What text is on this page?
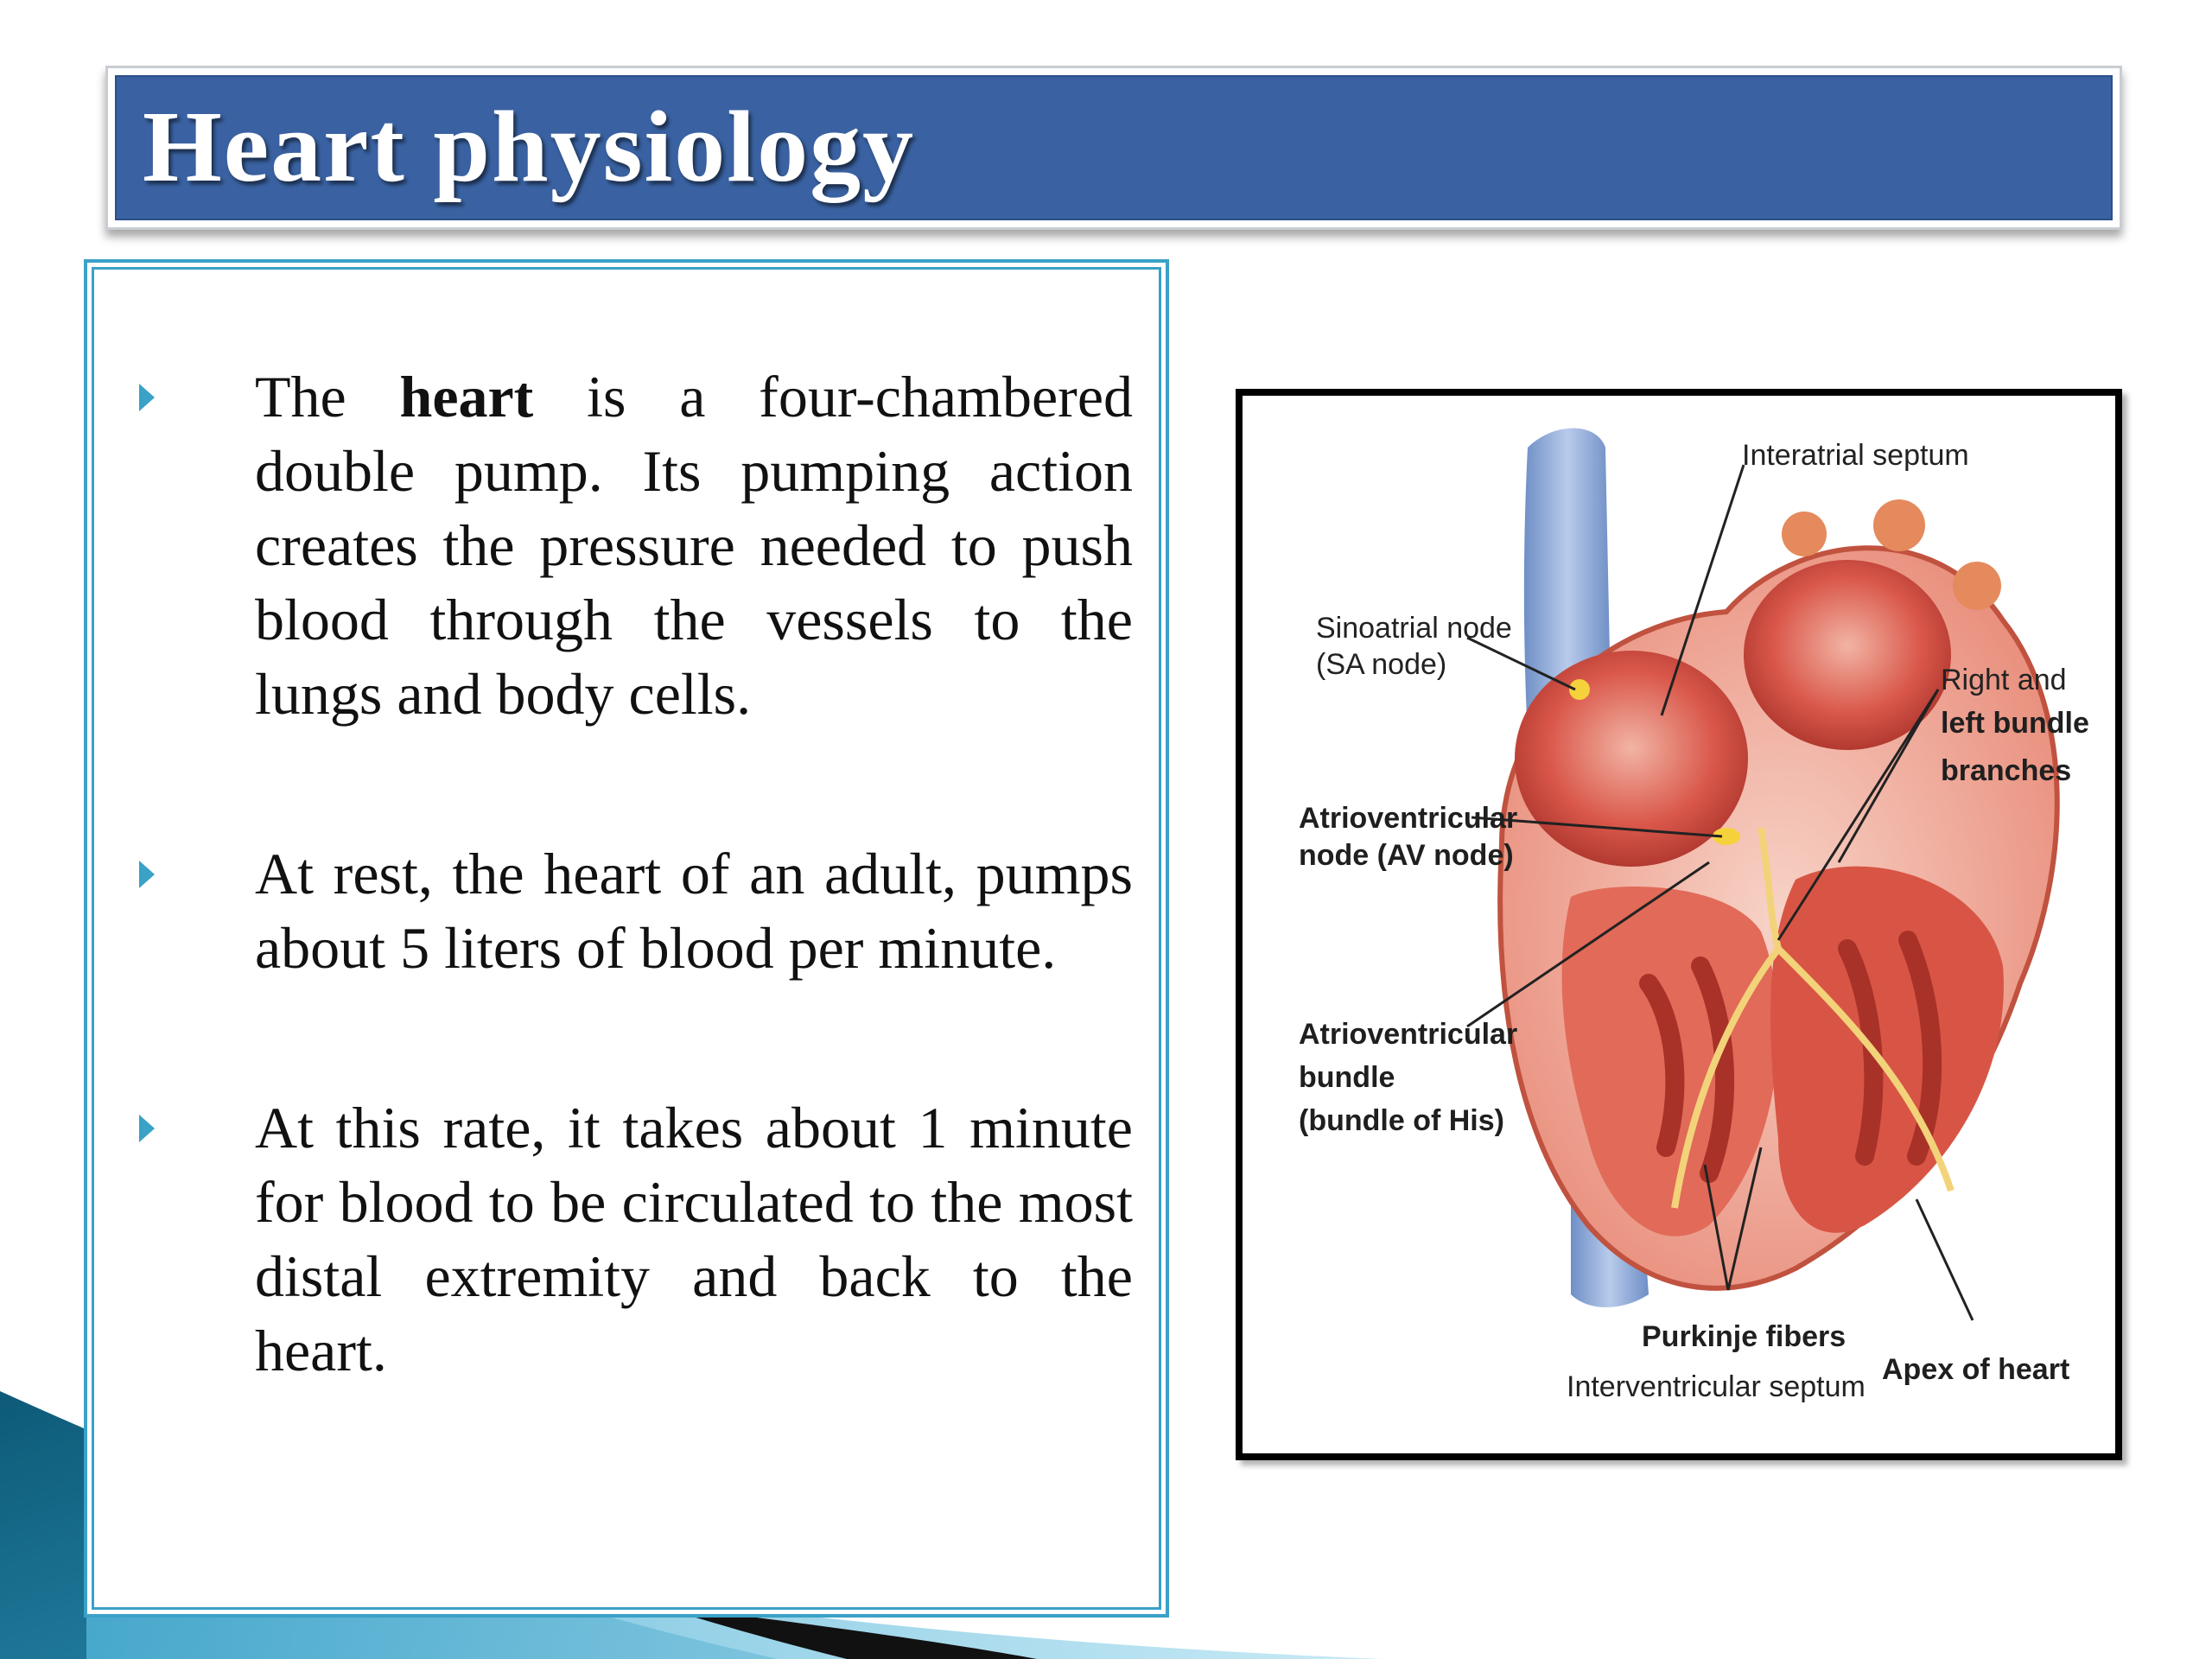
Heart physiology
The heart is a four-chambered double pump. Its pumping action creates the pressure needed to push blood through the vessels to the lungs and body cells.
At rest, the heart of an adult, pumps about 5 liters of blood per minute.
At this rate, it takes about 1 minute for blood to be circulated to the most distal extremity and back to the heart.
Interatrial septum
Sinoatrial node
(SA node)
Atrioventricular
node (AV node)
Atrioventricular
bundle
(bundle of His)
Right and
left bundle
branches
Purkinje fibers
Interventricular septum
Apex of heart
